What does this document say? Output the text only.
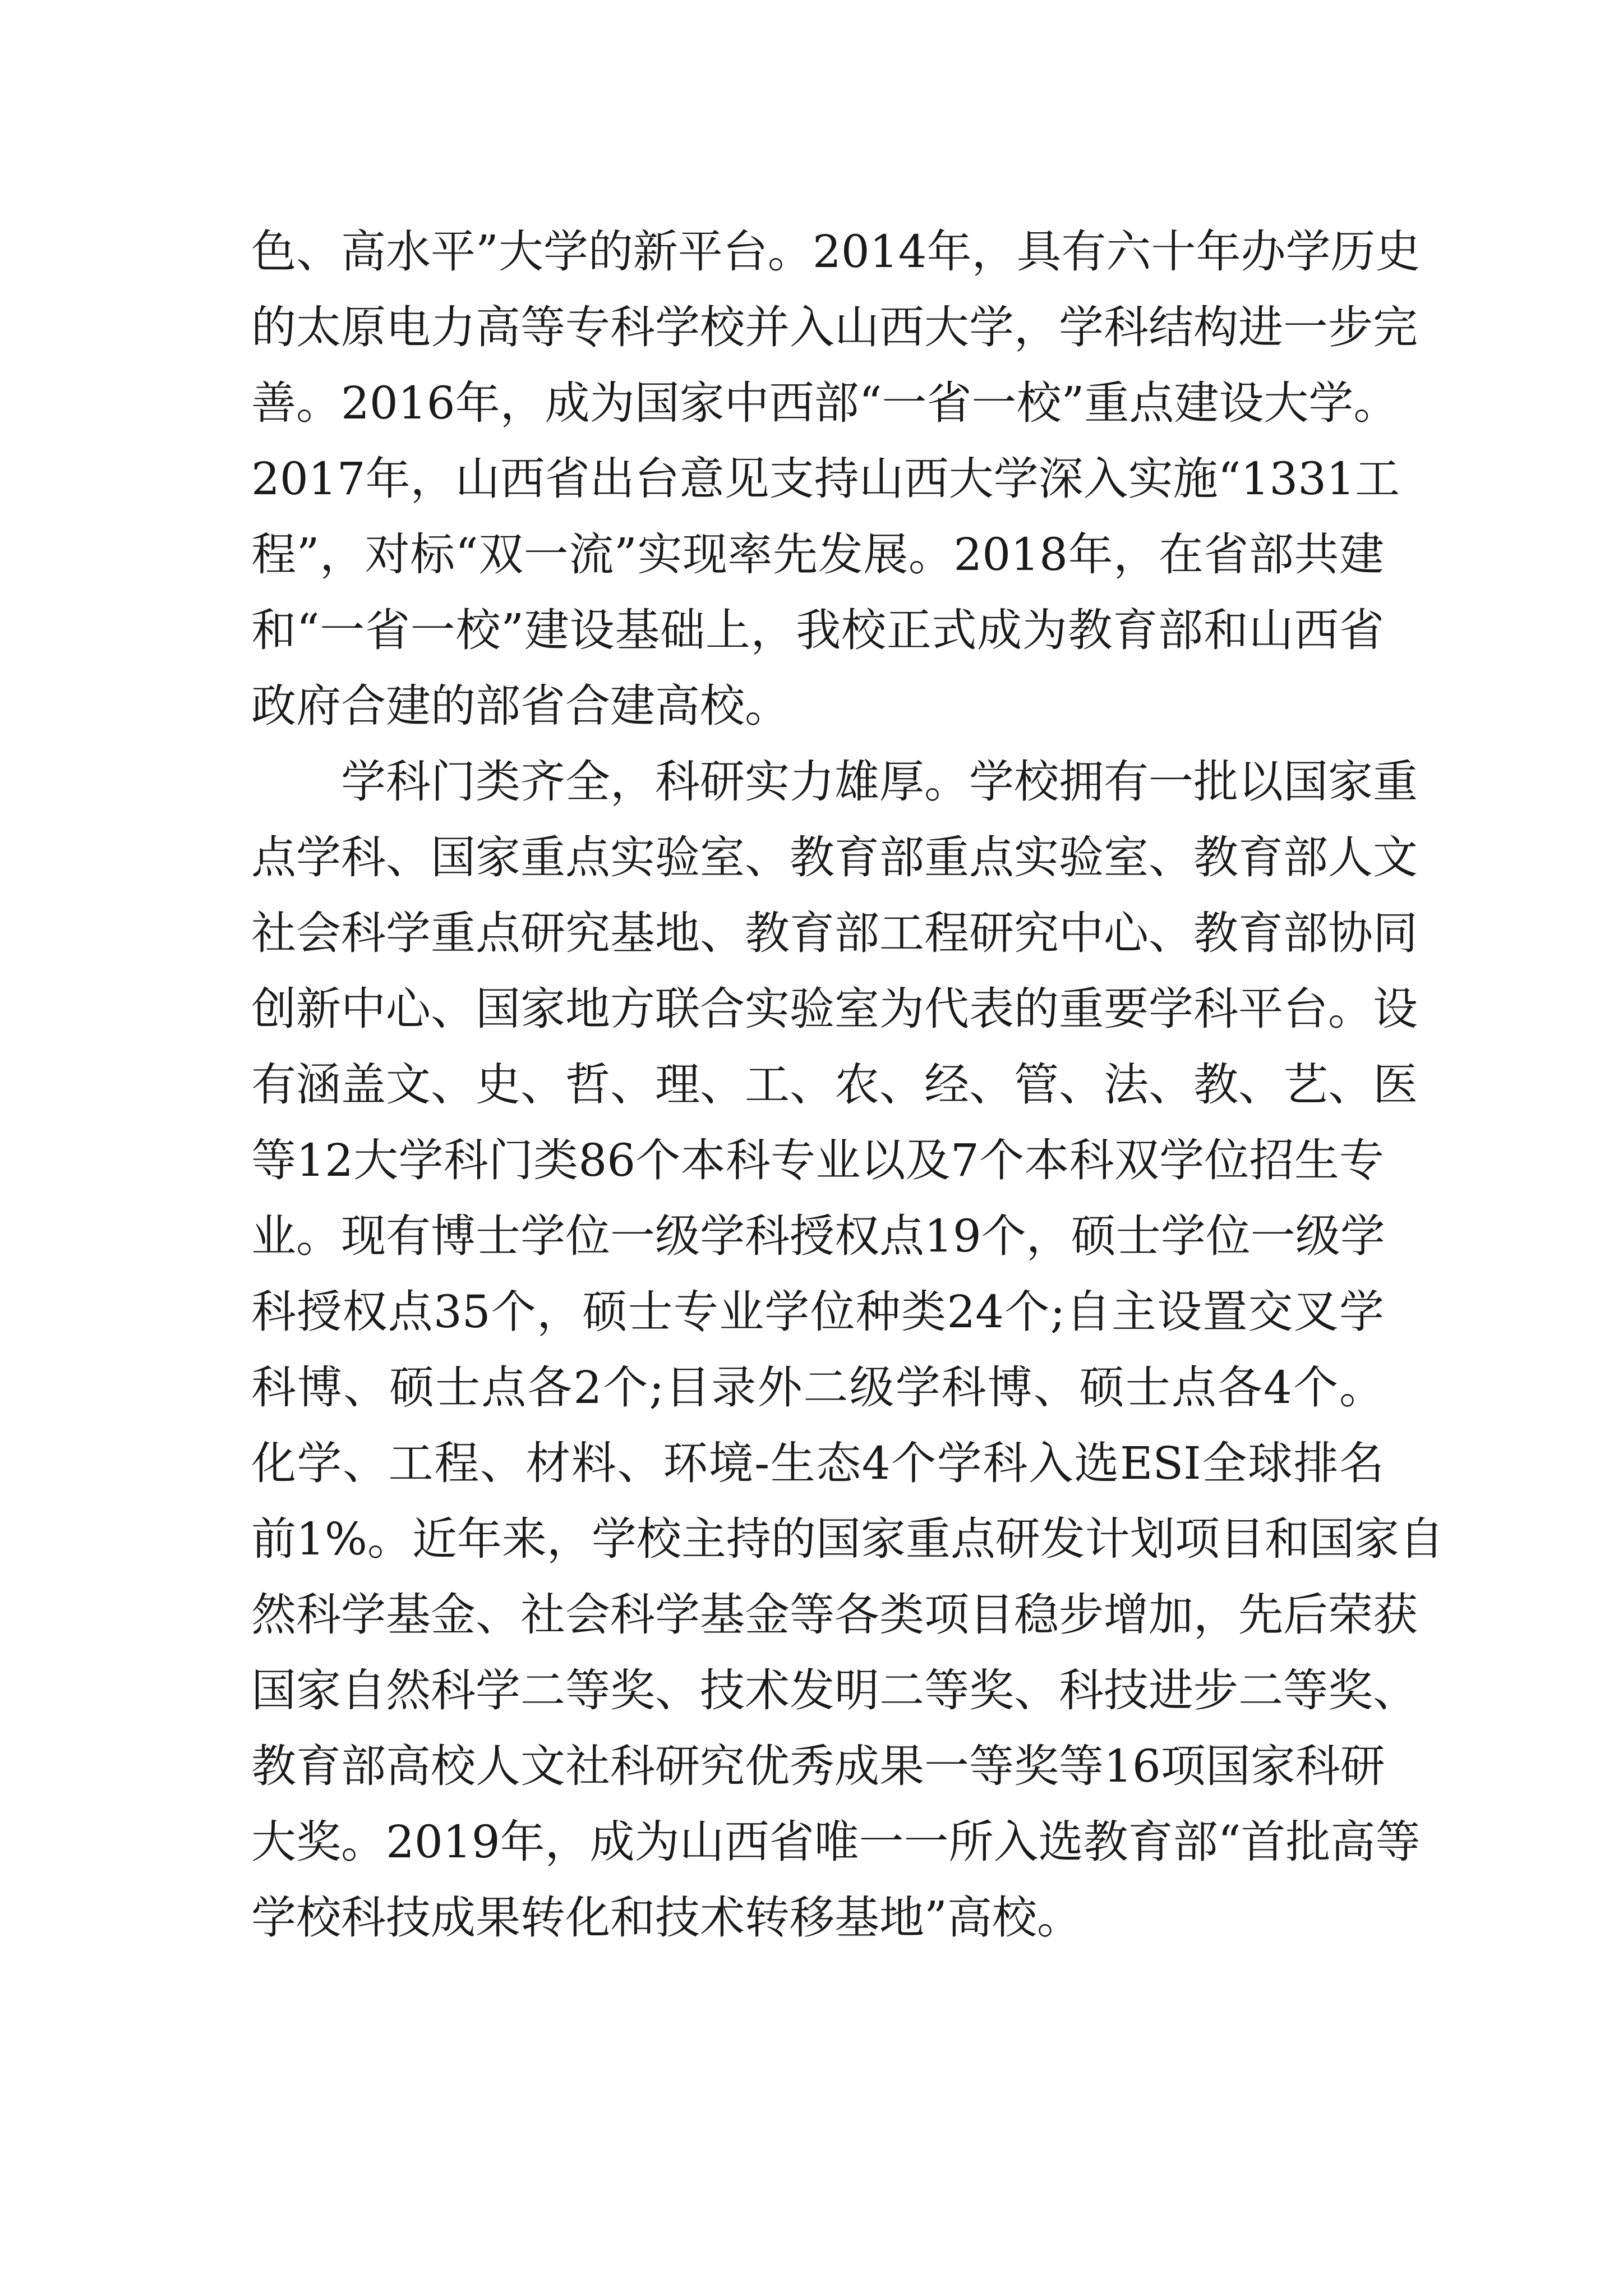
色、高水平”大学的新平台。2014年，具有六十年办学历史
的太原电力高等专科学校并入山西大学，学科结构进一步完
善。2016年，成为国家中西部“一省一校”重点建设大学。
2017年，山西省出台意见支持山西大学深入实施“1331工
程”，对标“双一流”实现率先发展。2018年，在省部共建
和“一省一校”建设基础上，我校正式成为教育部和山西省
政府合建的部省合建高校。
学科门类齐全，科研实力雄厚。学校拥有一批以国家重
点学科、国家重点实验室、教育部重点实验室、教育部人文
社会科学重点研究基地、教育部工程研究中心、教育部协同
创新中心、国家地方联合实验室为代表的重要学科平台。设
有涵盖文、史、哲、理、工、农、经、管、法、教、艺、医
等12大学科门类86个本科专业以及7个本科双学位招生专
业。现有博士学位一级学科授权点19个，硕士学位一级学
科授权点35个，硕士专业学位种类24个;自主设置交叉学
科博、硕士点各2个;目录外二级学科博、硕士点各4个。
化学、工程、材料、环境-生态4个学科入选ESI全球排名
前1%。近年来，学校主持的国家重点研发计划项目和国家自
然科学基金、社会科学基金等各类项目稳步增加，先后荣获
国家自然科学二等奖、技术发明二等奖、科技进步二等奖、
教育部高校人文社科研究优秀成果一等奖等16项国家科研
大奖。2019年，成为山西省唯一一所入选教育部“首批高等
学校科技成果转化和技术转移基地”高校。
